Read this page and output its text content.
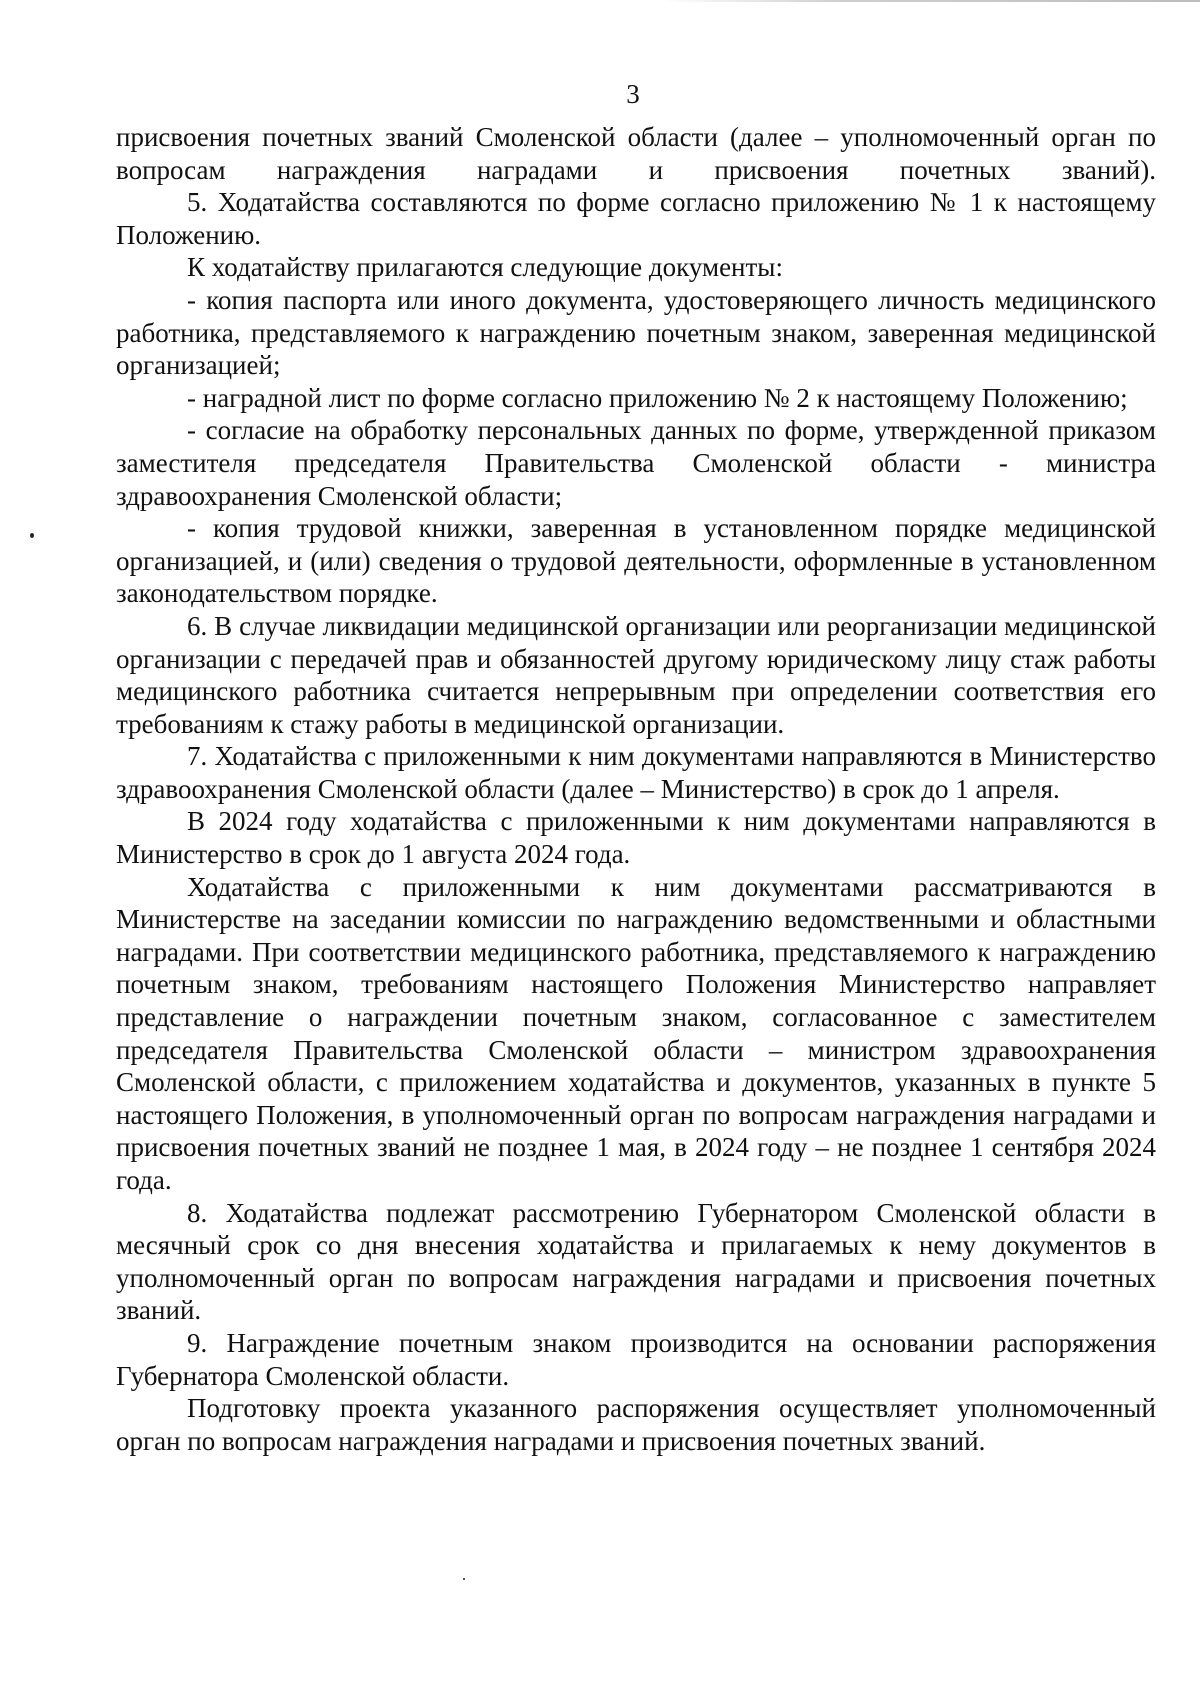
3

присвоения почетных званий Смоленской области (далее – уполномоченный орган по вопросам награждения наградами и присвоения почетных званий).

5. Ходатайства составляются по форме согласно приложению № 1 к настоящему Положению.

К ходатайству прилагаются следующие документы:

- копия паспорта или иного документа, удостоверяющего личность медицинского работника, представляемого к награждению почетным знаком, заверенная медицинской организацией;

- наградной лист по форме согласно приложению № 2 к настоящему Положению;

- согласие на обработку персональных данных по форме, утвержденной приказом заместителя председателя Правительства Смоленской области - министра здравоохранения Смоленской области;

- копия трудовой книжки, заверенная в установленном порядке медицинской организацией, и (или) сведения о трудовой деятельности, оформленные в установленном законодательством порядке.

6. В случае ликвидации медицинской организации или реорганизации медицинской организации с передачей прав и обязанностей другому юридическому лицу стаж работы медицинского работника считается непрерывным при определении соответствия его требованиям к стажу работы в медицинской организации.

7. Ходатайства с приложенными к ним документами направляются в Министерство здравоохранения Смоленской области (далее – Министерство) в срок до 1 апреля.

В 2024 году ходатайства с приложенными к ним документами направляются в Министерство в срок до 1 августа 2024 года.

Ходатайства с приложенными к ним документами рассматриваются в Министерстве на заседании комиссии по награждению ведомственными и областными наградами. При соответствии медицинского работника, представляемого к награждению почетным знаком, требованиям настоящего Положения Министерство направляет представление о награждении почетным знаком, согласованное с заместителем председателя Правительства Смоленской области – министром здравоохранения Смоленской области, с приложением ходатайства и документов, указанных в пункте 5 настоящего Положения, в уполномоченный орган по вопросам награждения наградами и присвоения почетных званий не позднее 1 мая, в 2024 году – не позднее 1 сентября 2024 года.

8. Ходатайства подлежат рассмотрению Губернатором Смоленской области в месячный срок со дня внесения ходатайства и прилагаемых к нему документов в уполномоченный орган по вопросам награждения наградами и присвоения почетных званий.

9. Награждение почетным знаком производится на основании распоряжения Губернатора Смоленской области.

Подготовку проекта указанного распоряжения осуществляет уполномоченный орган по вопросам награждения наградами и присвоения почетных званий.
